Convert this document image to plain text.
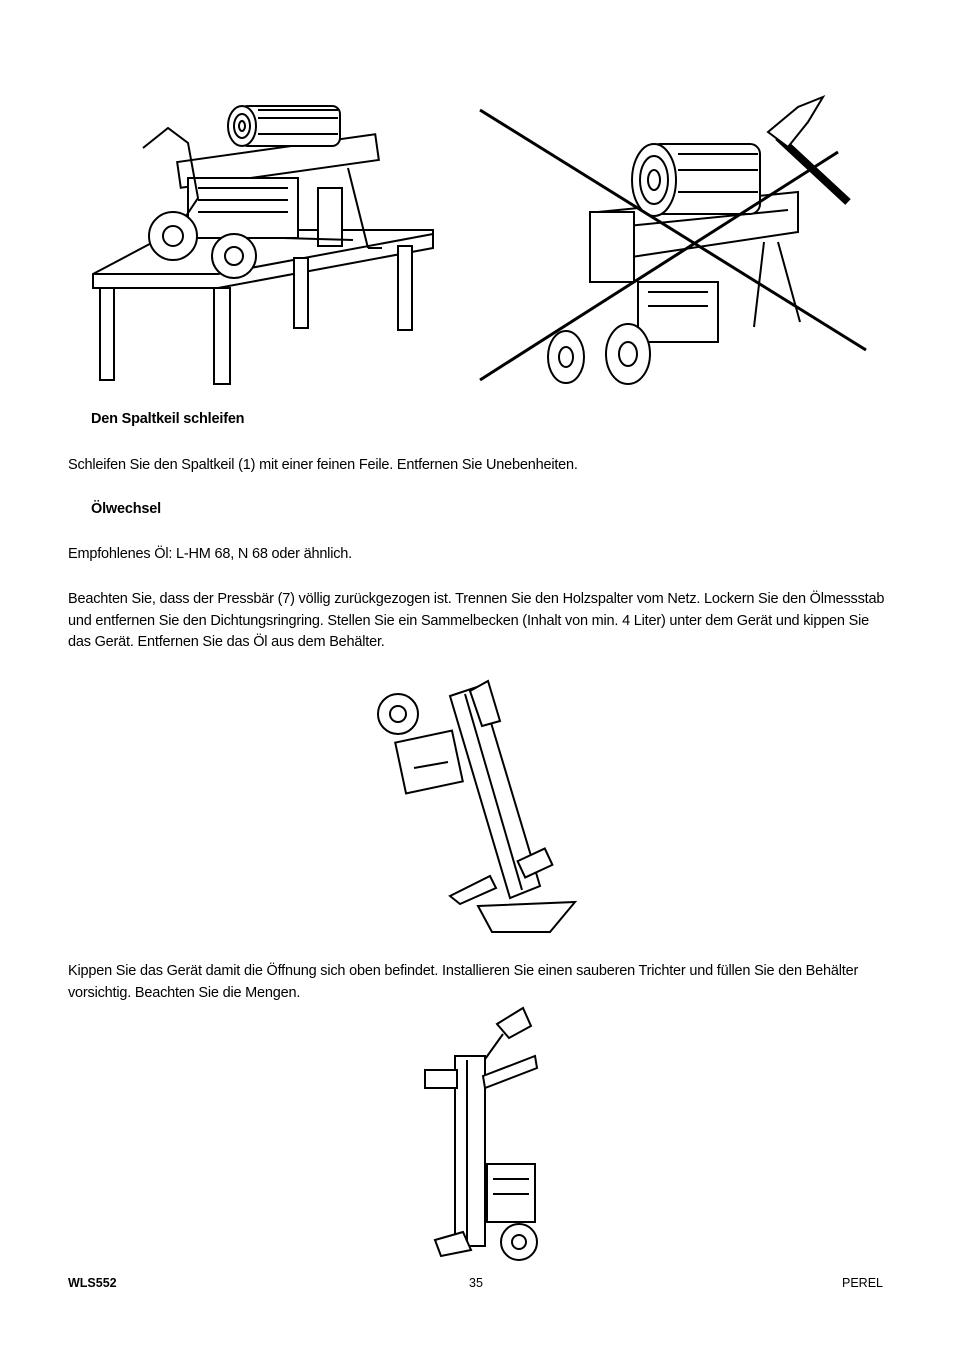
Den Spaltkeil schleifen
Schleifen Sie den Spaltkeil (1) mit einer feinen Feile. Entfernen Sie Unebenheiten.
Ölwechsel
Empfohlenes Öl: L-HM 68, N 68 oder ähnlich.
Beachten Sie, dass der Pressbär (7) völlig zurückgezogen ist. Trennen Sie den Holzspalter vom Netz. Lockern Sie den Ölmessstab und entfernen Sie den Dichtungsringring. Stellen Sie ein Sammelbecken (Inhalt von min. 4 Liter) unter dem Gerät und kippen Sie das Gerät. Entfernen Sie das Öl aus dem Behälter.
Kippen Sie das Gerät damit die Öffnung sich oben befindet. Installieren Sie einen sauberen Trichter und füllen Sie den Behälter vorsichtig. Beachten Sie die Mengen.
WLS552	35	PEREL
